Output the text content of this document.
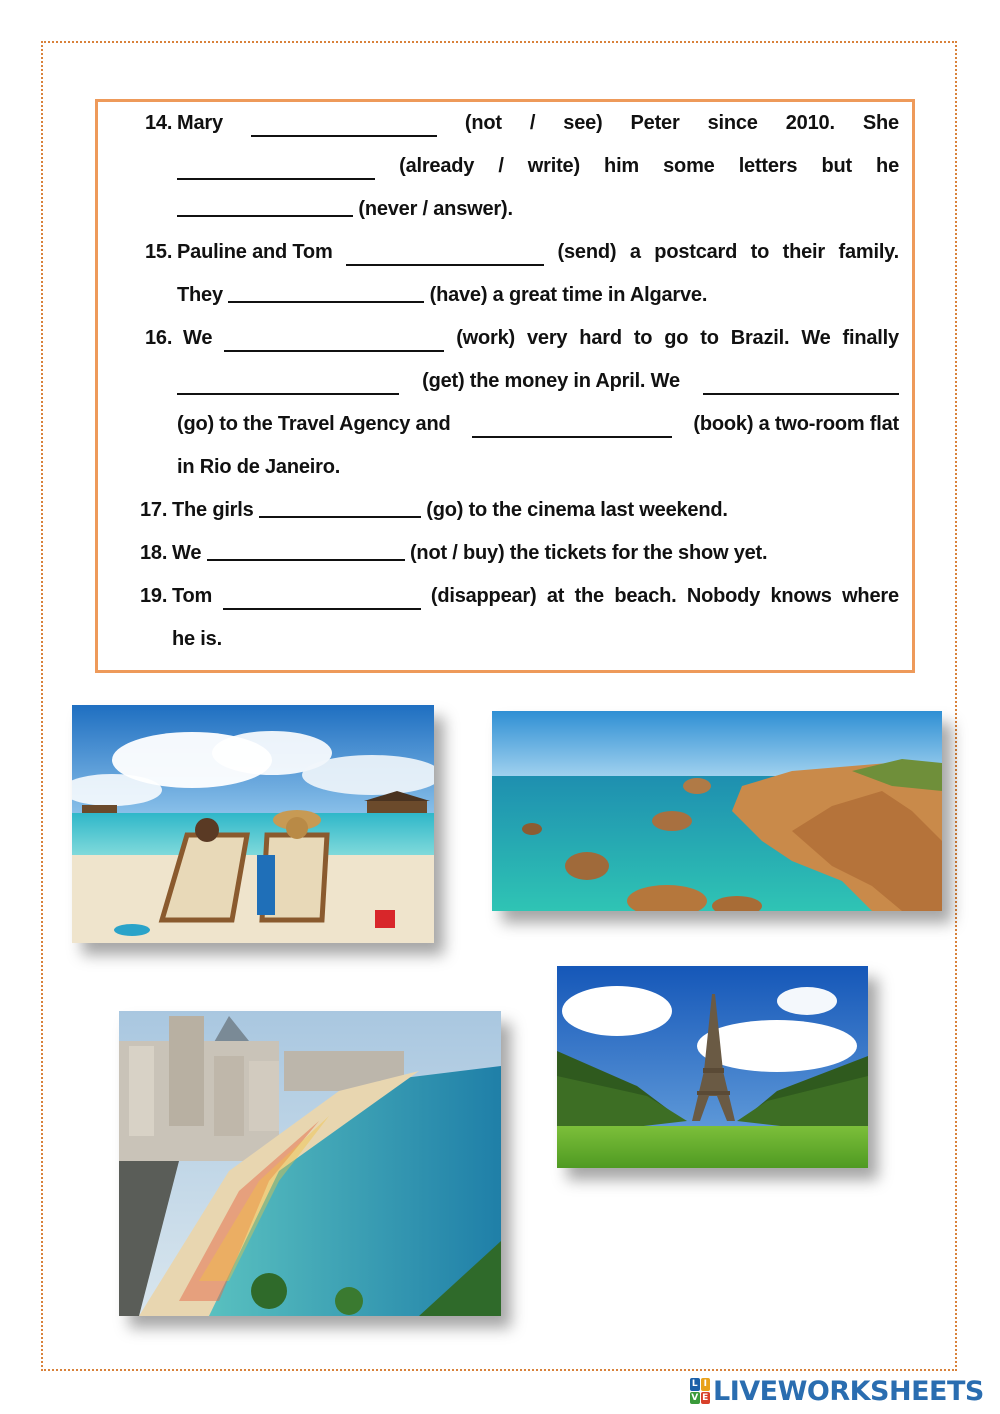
14. Mary	(not / see) Peter since 2010. She
(already / write) him some letters but he
(never / answer).
15. Pauline and Tom	(send) a postcard to their family.
They	(have) a great time in Algarve.
16. We	(work) very hard to go to Brazil. We finally
(get) the money in April. We
(go) to the Travel Agency and	(book) a two-room flat
in Rio de Janeiro.
17. The girls	(go) to the cinema last weekend.
18. We	(not / buy) the tickets for the show yet.
19. Tom	(disappear) at the beach. Nobody knows where
he is.
L I
V E LIVEWORKSHEETS
